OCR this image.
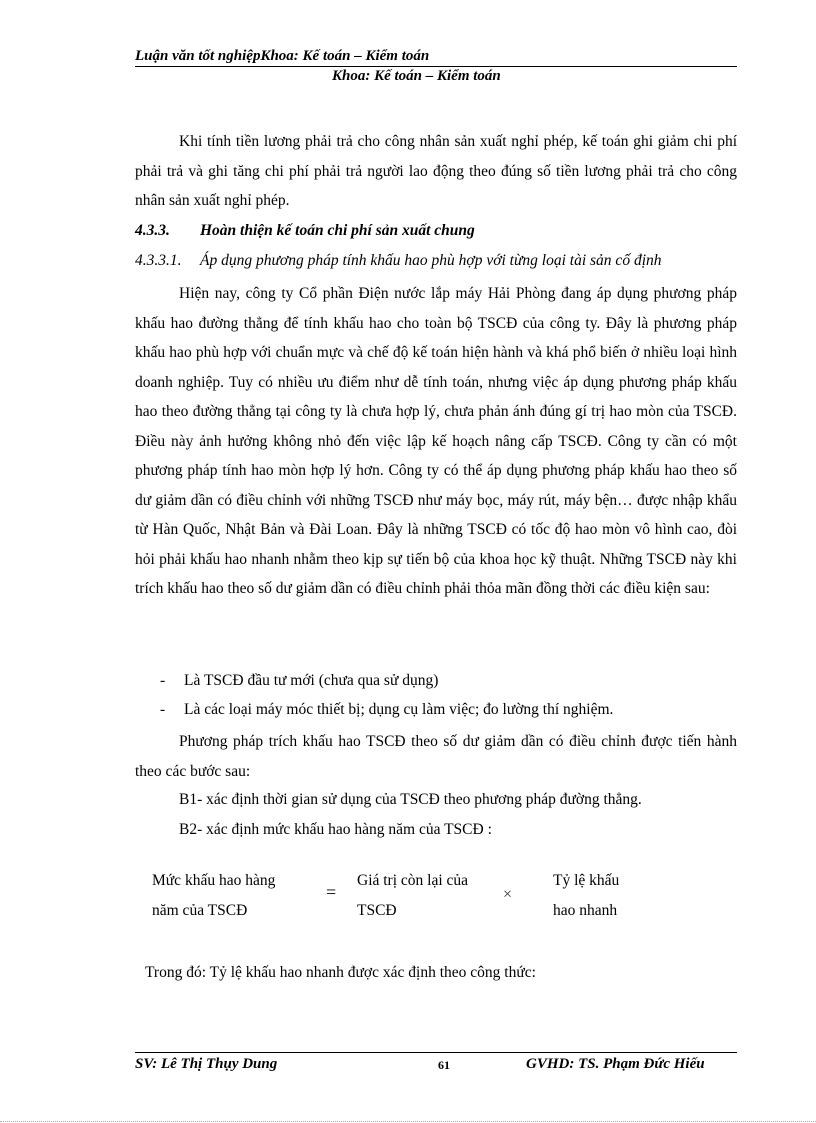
Luận văn tốt nghiệpKhoa: Kế toán – Kiểm toán
Khoa: Kế toán – Kiểm toán
Khi tính tiền lương phải trả cho công nhân sản xuất nghỉ phép, kế toán ghi giảm chi phí phải trả và ghi tăng chi phí phải trả người lao động theo đúng số tiền lương phải trả cho công nhân sản xuất nghỉ phép.
4.3.3. Hoàn thiện kế toán chi phí sản xuất chung
4.3.3.1. Áp dụng phương pháp tính khấu hao phù hợp với từng loại tài sản cố định
Hiện nay, công ty Cổ phần Điện nước lắp máy Hải Phòng đang áp dụng phương pháp khấu hao đường thẳng để tính khấu hao cho toàn bộ TSCĐ của công ty. Đây là phương pháp khấu hao phù hợp với chuẩn mực và chế độ kế toán hiện hành và khá phổ biến ở nhiều loại hình doanh nghiệp. Tuy có nhiều ưu điểm như dễ tính toán, nhưng việc áp dụng phương pháp khấu hao theo đường thẳng tại công ty là chưa hợp lý, chưa phản ánh đúng gí trị hao mòn của TSCĐ. Điều này ảnh hưởng không nhỏ đến việc lập kế hoạch nâng cấp TSCĐ. Công ty cần có một phương pháp tính hao mòn hợp lý hơn. Công ty có thể áp dụng phương pháp khấu hao theo số dư giảm dần có điều chỉnh với những TSCĐ như máy bọc, máy rút, máy bện… được nhập khẩu từ Hàn Quốc, Nhật Bản và Đài Loan. Đây là những TSCĐ có tốc độ hao mòn vô hình cao, đòi hỏi phải khấu hao nhanh nhằm theo kịp sự tiến bộ của khoa học kỹ thuật. Những TSCĐ này khi trích khấu hao theo số dư giảm dần có điều chỉnh phải thỏa mãn đồng thời các điều kiện sau:
- Là TSCĐ đầu tư mới (chưa qua sử dụng)
- Là các loại máy móc thiết bị; dụng cụ làm việc; đo lường thí nghiệm.
Phương pháp trích khấu hao TSCĐ theo số dư giảm dần có điều chỉnh được tiến hành theo các bước sau:
B1- xác định thời gian sử dụng của TSCĐ theo phương pháp đường thẳng.
B2- xác định mức khấu hao hàng năm của TSCĐ :
Mức khấu hao hàng
năm của TSCĐ
=
Giá trị còn lại của
TSCĐ
×
Tỷ lệ khấu
hao nhanh
Trong đó: Tỷ lệ khấu hao nhanh được xác định theo công thức:
SV: Lê Thị Thụy Dung	61	GVHD: TS. Phạm Đức Hiếu
